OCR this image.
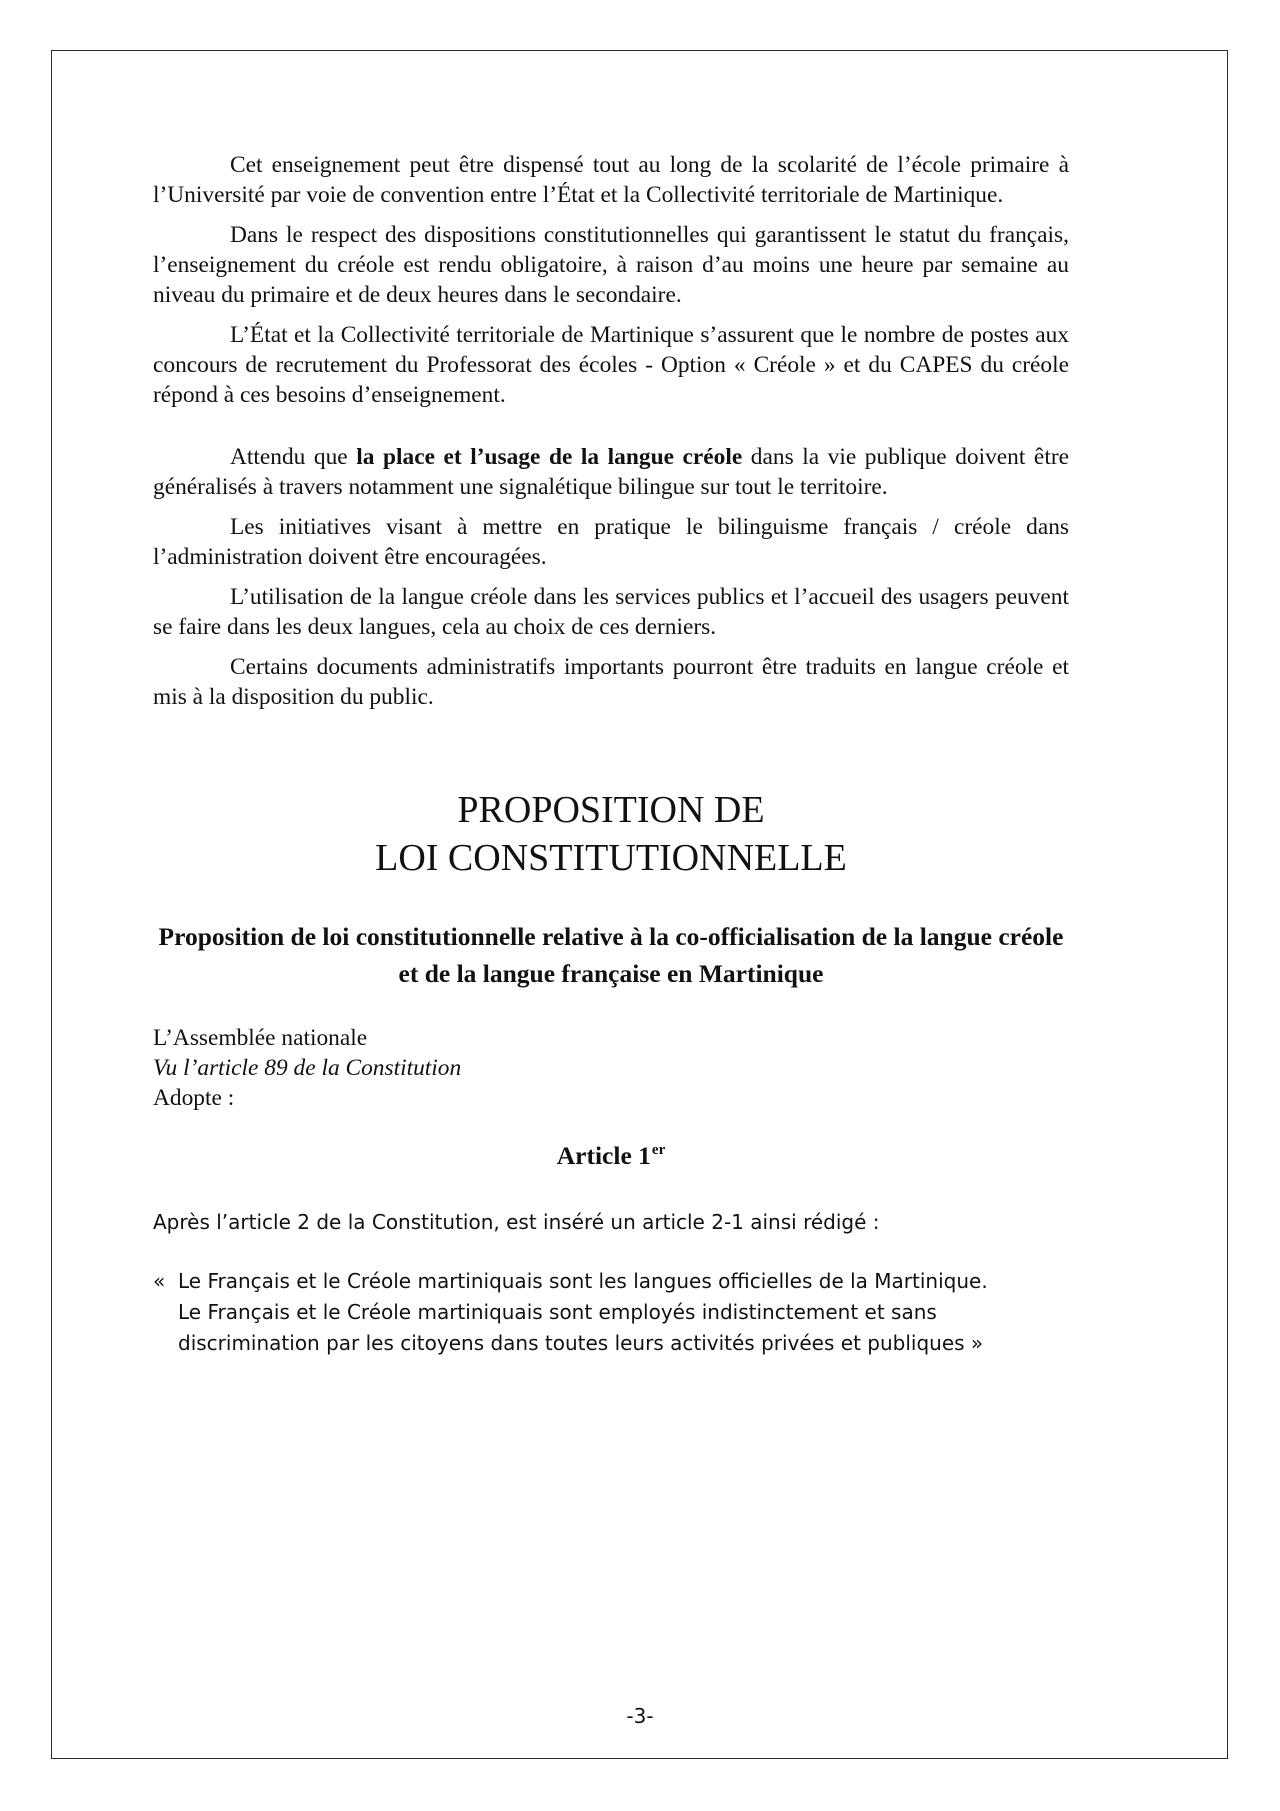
Cet enseignement peut être dispensé tout au long de la scolarité de l’école primaire à l’Université par voie de convention entre l’État et la Collectivité territoriale de Martinique.

Dans le respect des dispositions constitutionnelles qui garantissent le statut du français, l’enseignement du créole est rendu obligatoire, à raison d’au moins une heure par semaine au niveau du primaire et de deux heures dans le secondaire.

L’État et la Collectivité territoriale de Martinique s’assurent que le nombre de postes aux concours de recrutement du Professorat des écoles - Option « Créole » et du CAPES du créole répond à ces besoins d’enseignement.

Attendu que la place et l’usage de la langue créole dans la vie publique doivent être généralisés à travers notamment une signalétique bilingue sur tout le territoire.

Les initiatives visant à mettre en pratique le bilinguisme français / créole dans l’administration doivent être encouragées.

L’utilisation de la langue créole dans les services publics et l’accueil des usagers peuvent se faire dans les deux langues, cela au choix de ces derniers.

Certains documents administratifs importants pourront être traduits en langue créole et mis à la disposition du public.

PROPOSITION DE
LOI CONSTITUTIONNELLE
Proposition de loi constitutionnelle relative à la co-officialisation de la langue créole et de la langue française en Martinique
L’Assemblée nationale
Vu l’article 89 de la Constitution
Adopte :
Article 1er
Après l’article 2 de la Constitution, est inséré un article 2-1 ainsi rédigé :
« Le Français et le Créole martiniquais sont les langues officielles de la Martinique.
Le Français et le Créole martiniquais sont employés indistinctement et sans
discrimination par les citoyens dans toutes leurs activités privées et publiques »
-3-
